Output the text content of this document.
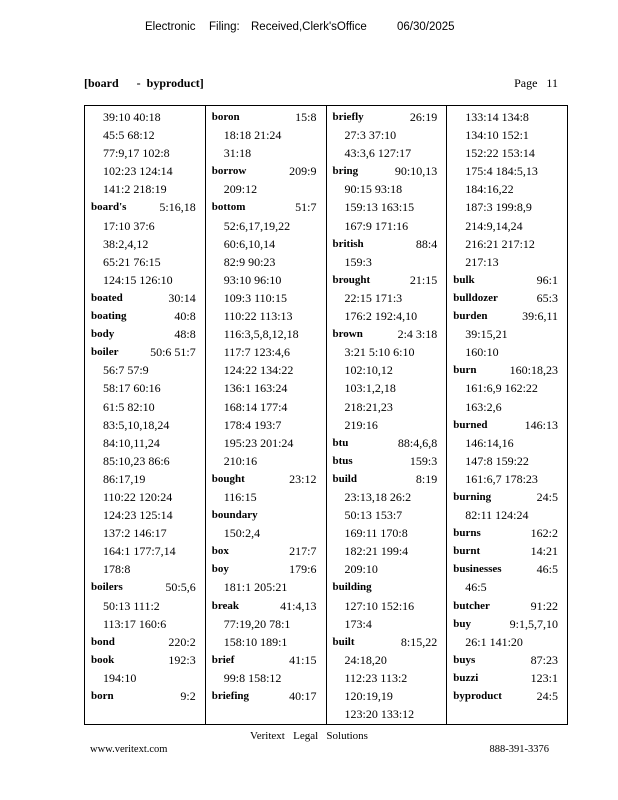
Electronic Filing: Received,Clerk'sOffice	06/30/2025
[board      -  byproduct]	Page   11
39:10 40:18
45:5 68:12
77:9,17 102:8
102:23 124:14
141:2 218:19
board's	5:16,18
17:10 37:6
38:2,4,12
65:21 76:15
124:15 126:10
boated	30:14
boating	40:8
body	48:8
boiler	50:6 51:7
56:7 57:9
58:17 60:16
61:5 82:10
83:5,10,18,24
84:10,11,24
85:10,23 86:6
86:17,19
110:22 120:24
124:23 125:14
137:2 146:17
164:1 177:7,14
178:8
boilers	50:5,6
50:13 111:2
113:17 160:6
bond	220:2
book	192:3
194:10
born	9:2
boron	15:8
18:18 21:24
31:18
borrow	209:9
209:12
bottom	51:7
52:6,17,19,22
60:6,10,14
82:9 90:23
93:10 96:10
109:3 110:15
110:22 113:13
116:3,5,8,12,18
117:7 123:4,6
124:22 134:22
136:1 163:24
168:14 177:4
178:4 193:7
195:23 201:24
210:16
bought	23:12
116:15
boundary
150:2,4
box	217:7
boy	179:6
181:1 205:21
break	41:4,13
77:19,20 78:1
158:10 189:1
brief	41:15
99:8 158:12
briefing	40:17
briefly	26:19
27:3 37:10
43:3,6 127:17
bring	90:10,13
90:15 93:18
159:13 163:15
167:9 171:16
british	88:4
159:3
brought	21:15
22:15 171:3
176:2 192:4,10
brown	2:4 3:18
3:21 5:10 6:10
102:10,12
103:1,2,18
218:21,23
219:16
btu	88:4,6,8
btus	159:3
build	8:19
23:13,18 26:2
50:13 153:7
169:11 170:8
182:21 199:4
209:10
building
127:10 152:16
173:4
built	8:15,22
24:18,20
112:23 113:2
120:19,19
123:20 133:12
133:14 134:8
134:10 152:1
152:22 153:14
175:4 184:5,13
184:16,22
187:3 199:8,9
214:9,14,24
216:21 217:12
217:13
bulk	96:1
bulldozer	65:3
burden	39:6,11
39:15,21
160:10
burn	160:18,23
161:6,9 162:22
163:2,6
burned	146:13
146:14,16
147:8 159:22
161:6,7 178:23
burning	24:5
82:11 124:24
burns	162:2
burnt	14:21
businesses	46:5
46:5
butcher	91:22
buy	9:1,5,7,10
26:1 141:20
buys	87:23
buzzi	123:1
byproduct	24:5
Veritext   Legal   Solutions
www.veritext.com	888-391-3376
